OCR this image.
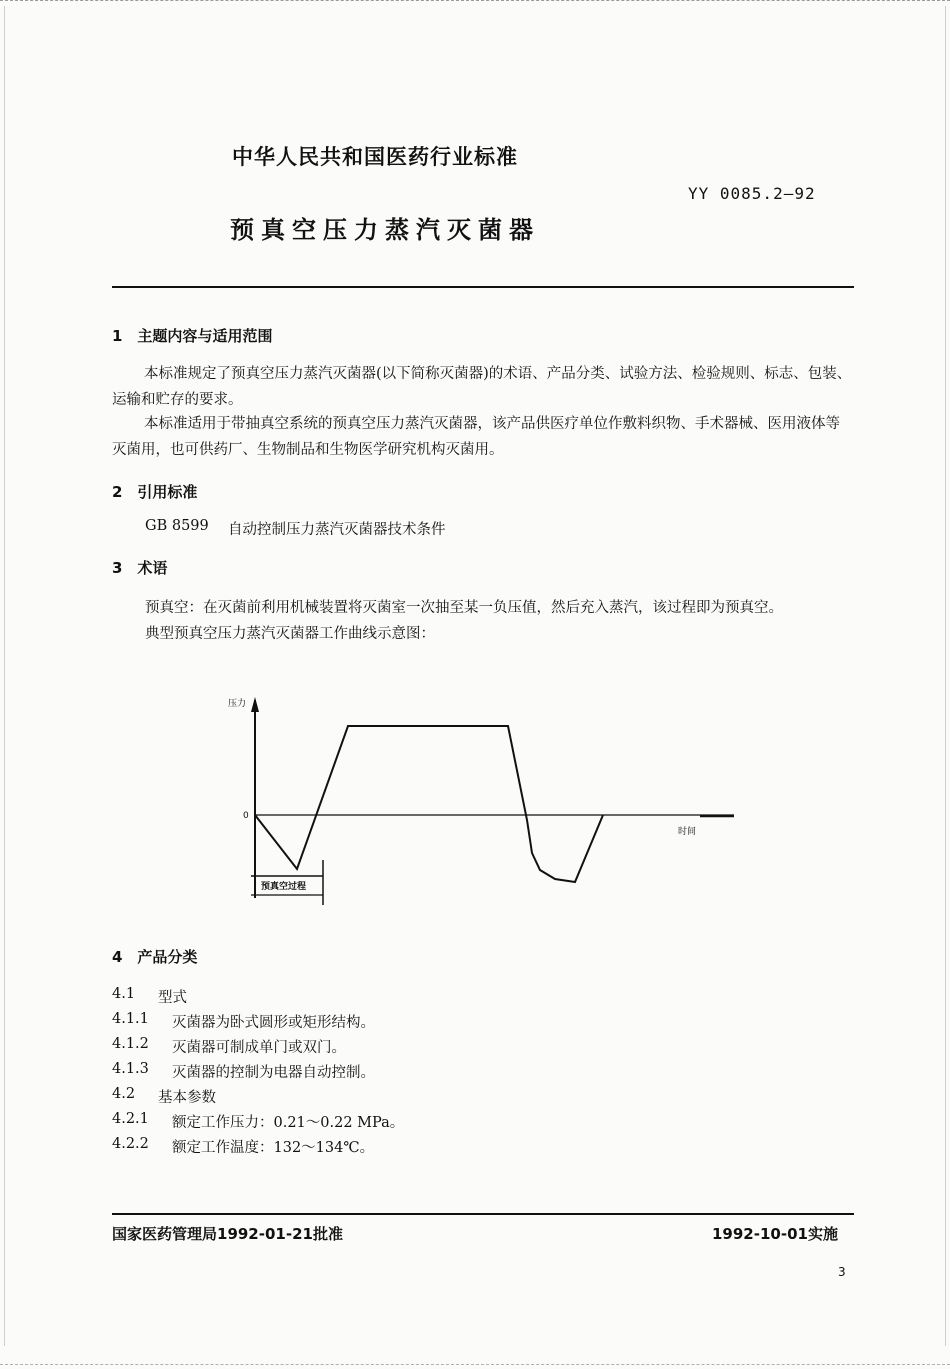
中华人民共和国医药行业标准
YY 0085.2—92
预真空压力蒸汽灭菌器
1　主题内容与适用范围
本标准规定了预真空压力蒸汽灭菌器(以下简称灭菌器)的术语、产品分类、试验方法、检验规则、标志、包装、运输和贮存的要求。
本标准适用于带抽真空系统的预真空压力蒸汽灭菌器，该产品供医疗单位作敷料织物、手术器械、医用液体等灭菌用，也可供药厂、生物制品和生物医学研究机构灭菌用。
2　引用标准
GB 8599 自动控制压力蒸汽灭菌器技术条件
3　术语
预真空：在灭菌前利用机械装置将灭菌室一次抽至某一负压值，然后充入蒸汽，该过程即为预真空。
典型预真空压力蒸汽灭菌器工作曲线示意图：
压力
0
时间
预真空过程
4　产品分类
4.1 型式
4.1.1 灭菌器为卧式圆形或矩形结构。
4.1.2 灭菌器可制成单门或双门。
4.1.3 灭菌器的控制为电器自动控制。
4.2 基本参数
4.2.1 额定工作压力：0.21～0.22 MPa。
4.2.2 额定工作温度：132～134℃。
国家医药管理局1992-01-21批准	1992-10-01实施
3
